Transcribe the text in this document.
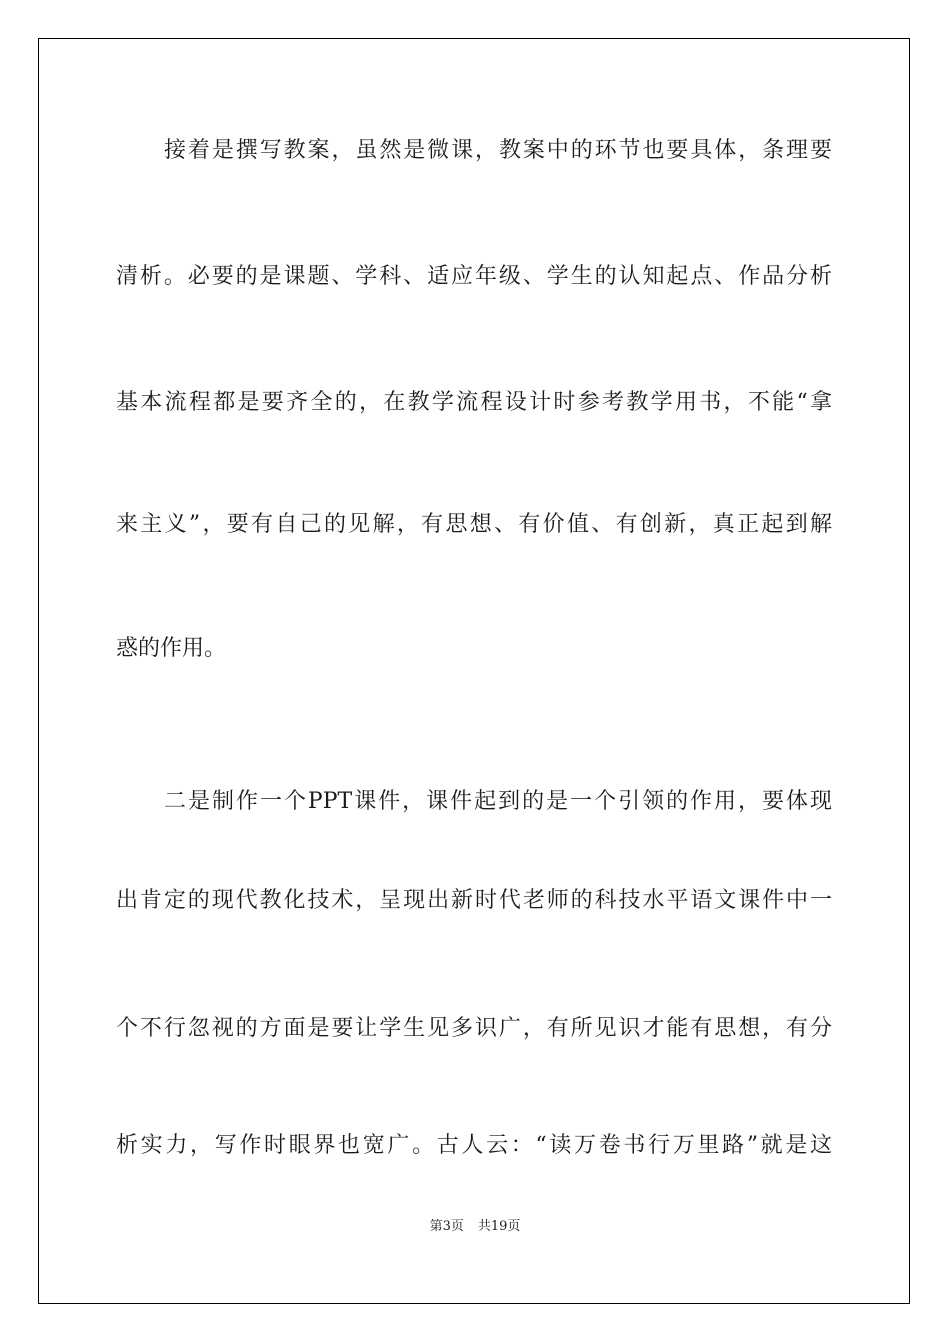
接着是撰写教案，虽然是微课，教案中的环节也要具体，条理要

清析。必要的是课题、学科、适应年级、学生的认知起点、作品分析

基本流程都是要齐全的，在教学流程设计时参考教学用书，不能“拿

来主义”，要有自己的见解，有思想、有价值、有创新，真正起到解

惑的作用。

二是制作一个PPT课件，课件起到的是一个引领的作用，要体现

出肯定的现代教化技术，呈现出新时代老师的科技水平语文课件中一

个不行忽视的方面是要让学生见多识广，有所见识才能有思想，有分

析实力，写作时眼界也宽广。古人云：“读万卷书行万里路”就是这

第3页 共19页
